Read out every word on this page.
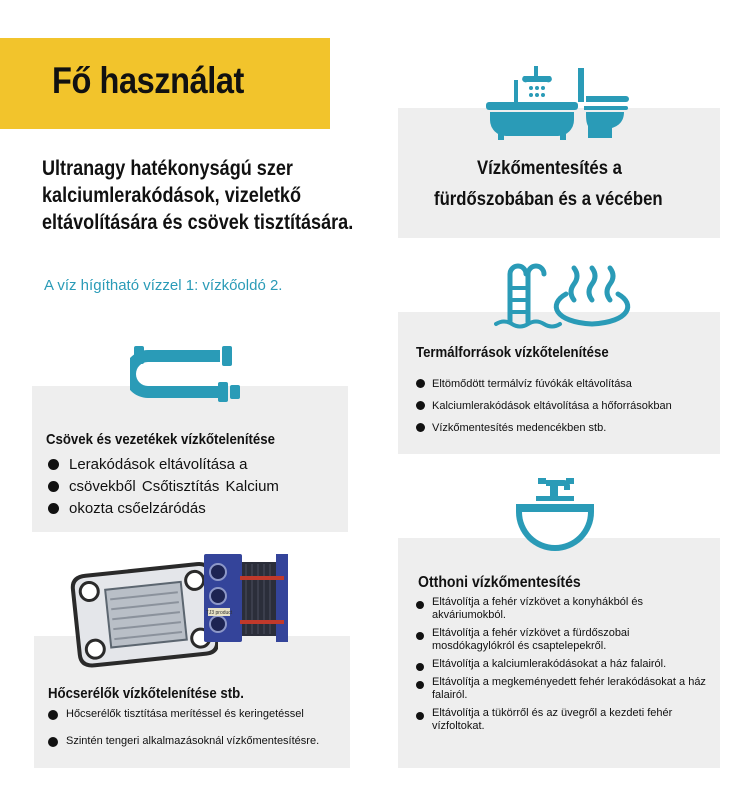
Fő használat
Ultranagy hatékonyságú szer kalciumlerakódások, vizeletkő eltávolítására és csövek tisztítására.
A víz hígítható vízzel 1: vízkőoldó 2.
Vízkőmentesítés a
fürdőszobában és a vécében
Termálforrások vízkőtelenítése
Eltömődött termálvíz fúvókák eltávolítása
Kalciumlerakódások eltávolítása a hőforrásokban
Vízkőmentesítés medencékben stb.
Csövek és vezetékek vízkőtelenítése
Lerakódások eltávolítása a
csövekből Csőtisztítás Kalcium
okozta csőelzáródás
Otthoni vízkőmentesítés
Eltávolítja a fehér vízkövet a konyhákból és akváriumokból.
Eltávolítja a fehér vízkövet a fürdőszobai mosdókagylókról és csaptelepekről.
Eltávolítja a kalciumlerakódásokat a ház falairól.
Eltávolítja a megkeményedett fehér lerakódásokat a ház falairól.
Eltávolítja a tükörről és az üvegről a kezdeti fehér vízfoltokat.
TJ3 product
Hőcserélők vízkőtelenítése stb.
Hőcserélők tisztítása merítéssel és keringetéssel
Szintén tengeri alkalmazásoknál vízkőmentesítésre.
